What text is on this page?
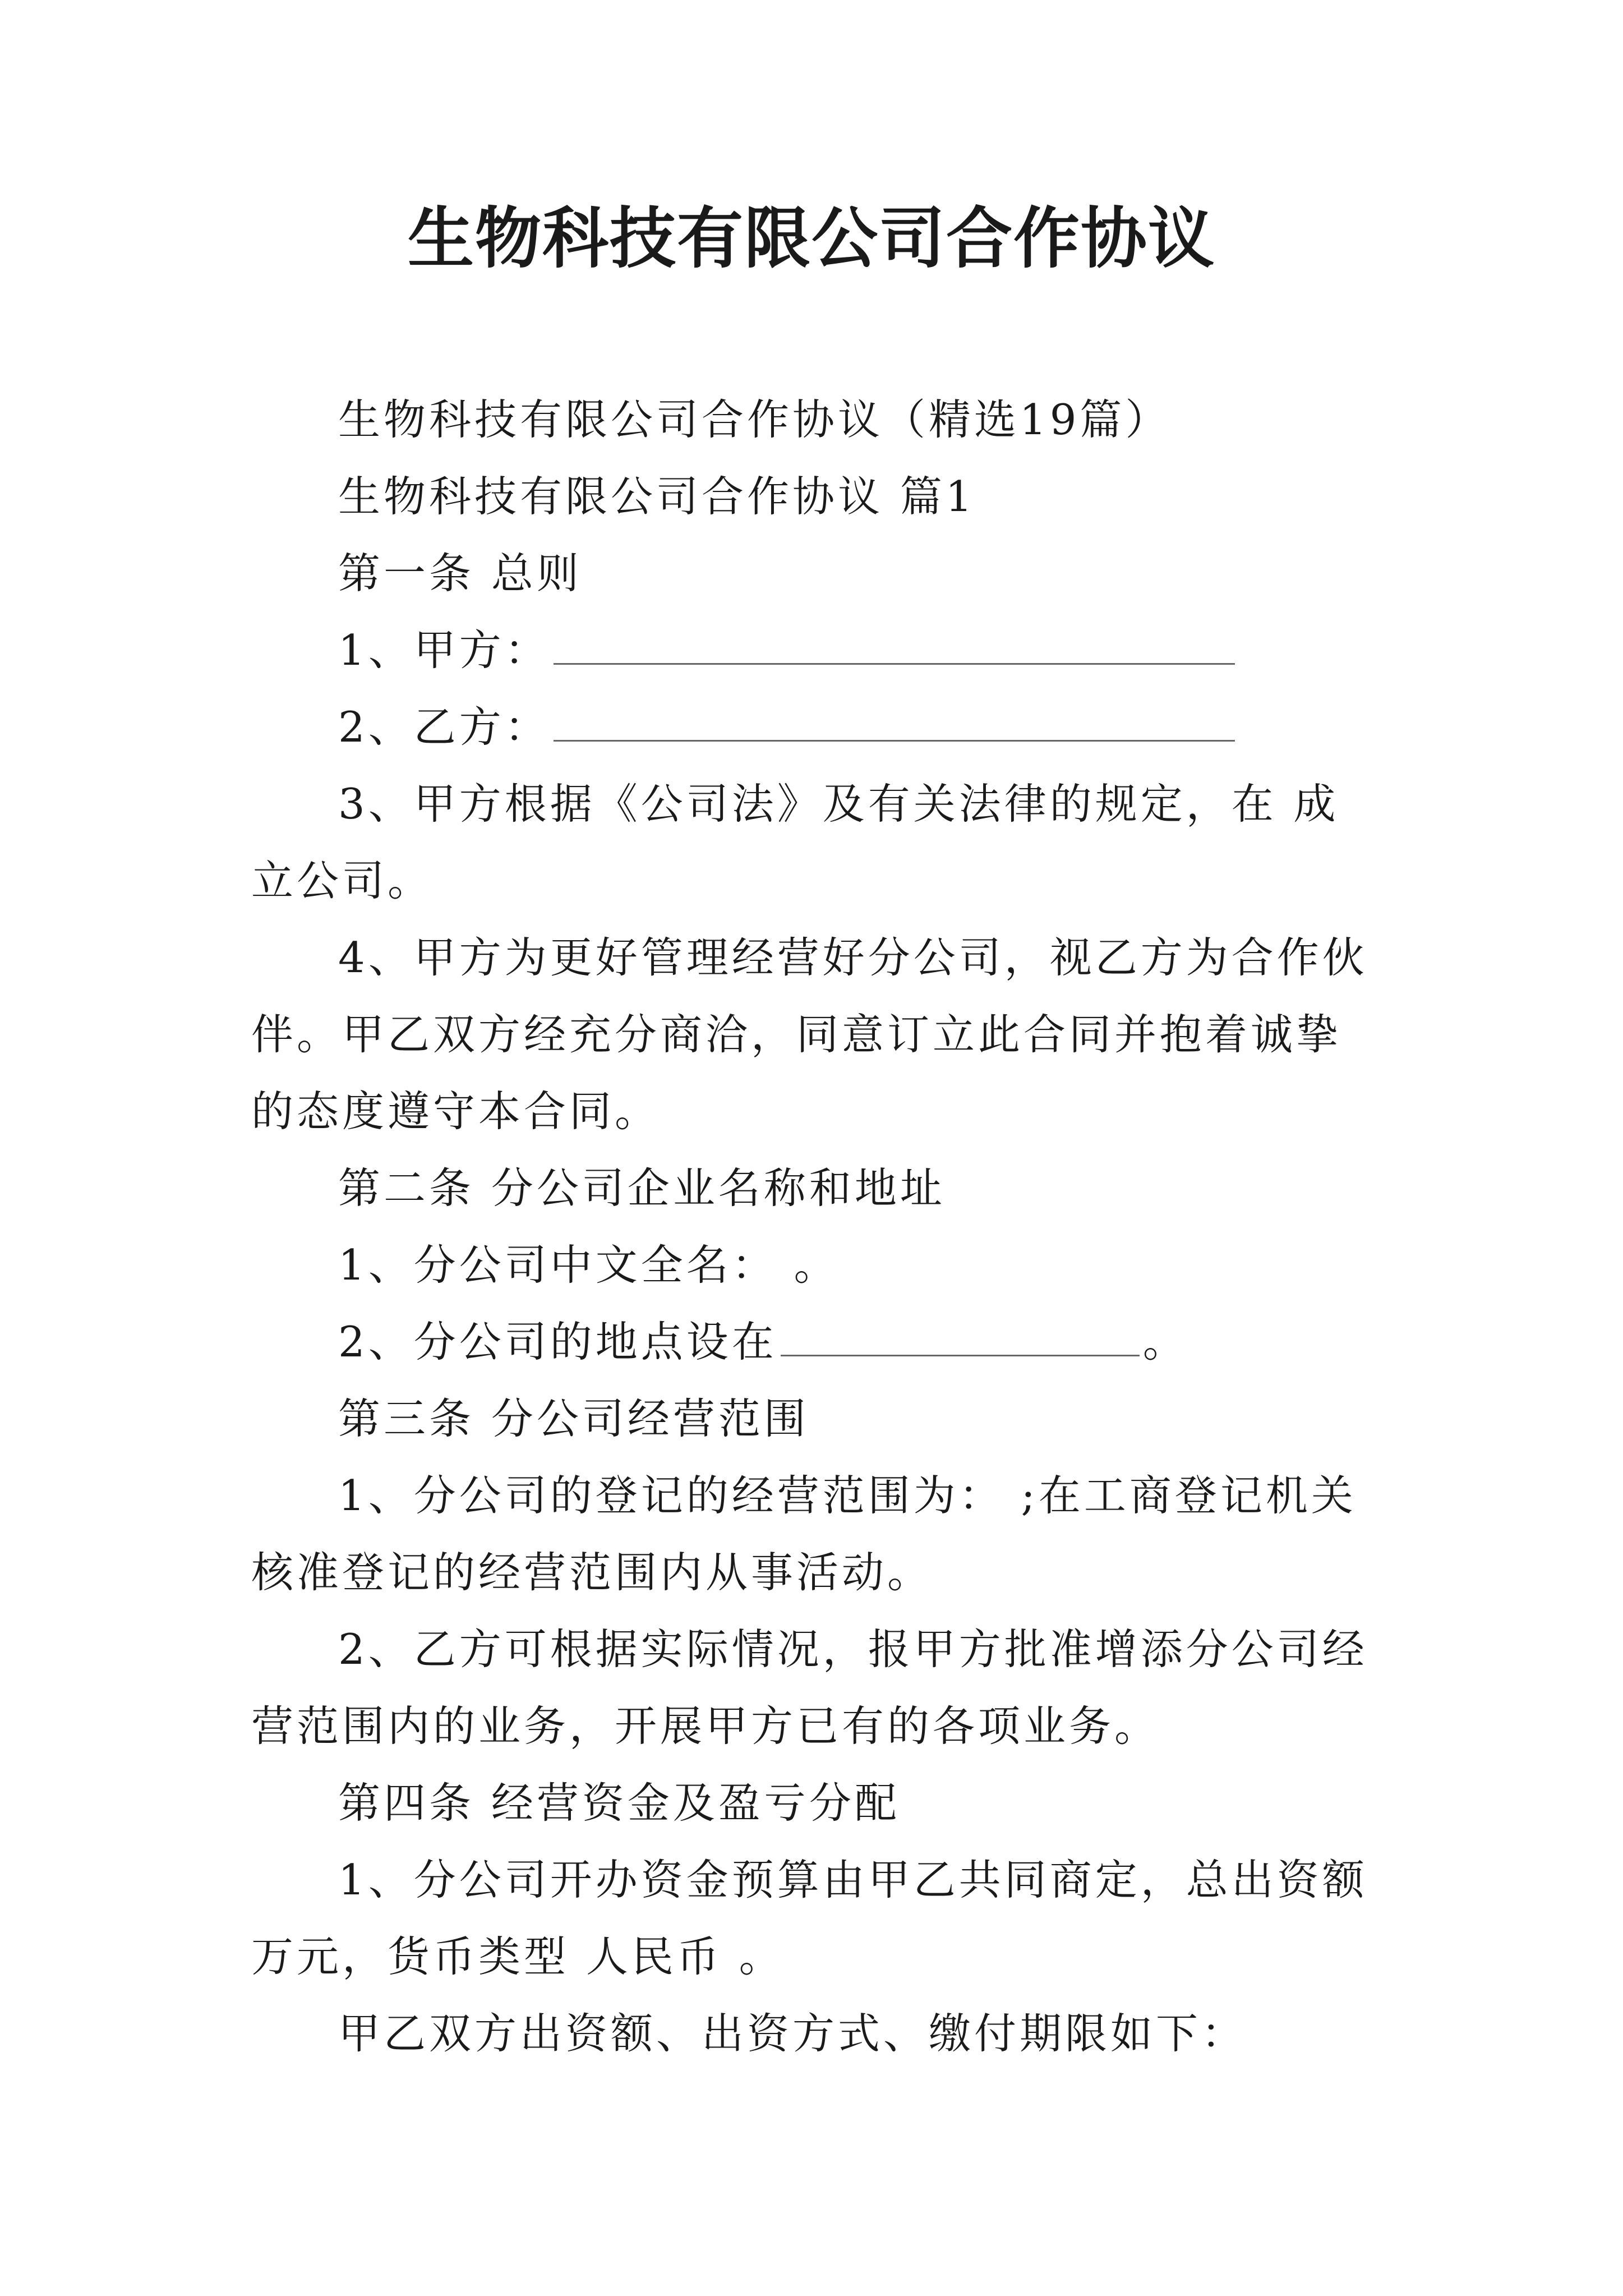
生物科技有限公司合作协议

生物科技有限公司合作协议（精选19篇）

生物科技有限公司合作协议 篇1

第一条 总则

1、甲方：

2、乙方：

3、甲方根据《公司法》及有关法律的规定，在 成立公司。

4、甲方为更好管理经营好分公司，视乙方为合作伙伴。甲乙双方经充分商洽，同意订立此合同并抱着诚挚的态度遵守本合同。

第二条 分公司企业名称和地址

1、分公司中文全名： 。

2、分公司的地点设在	。

第三条 分公司经营范围

1、分公司的登记的经营范围为： ;在工商登记机关核准登记的经营范围内从事活动。

2、乙方可根据实际情况，报甲方批准增添分公司经营范围内的业务，开展甲方已有的各项业务。

第四条 经营资金及盈亏分配

1、分公司开办资金预算由甲乙共同商定，总出资额 万元，货币类型 人民币 。

甲乙双方出资额、出资方式、缴付期限如下：
